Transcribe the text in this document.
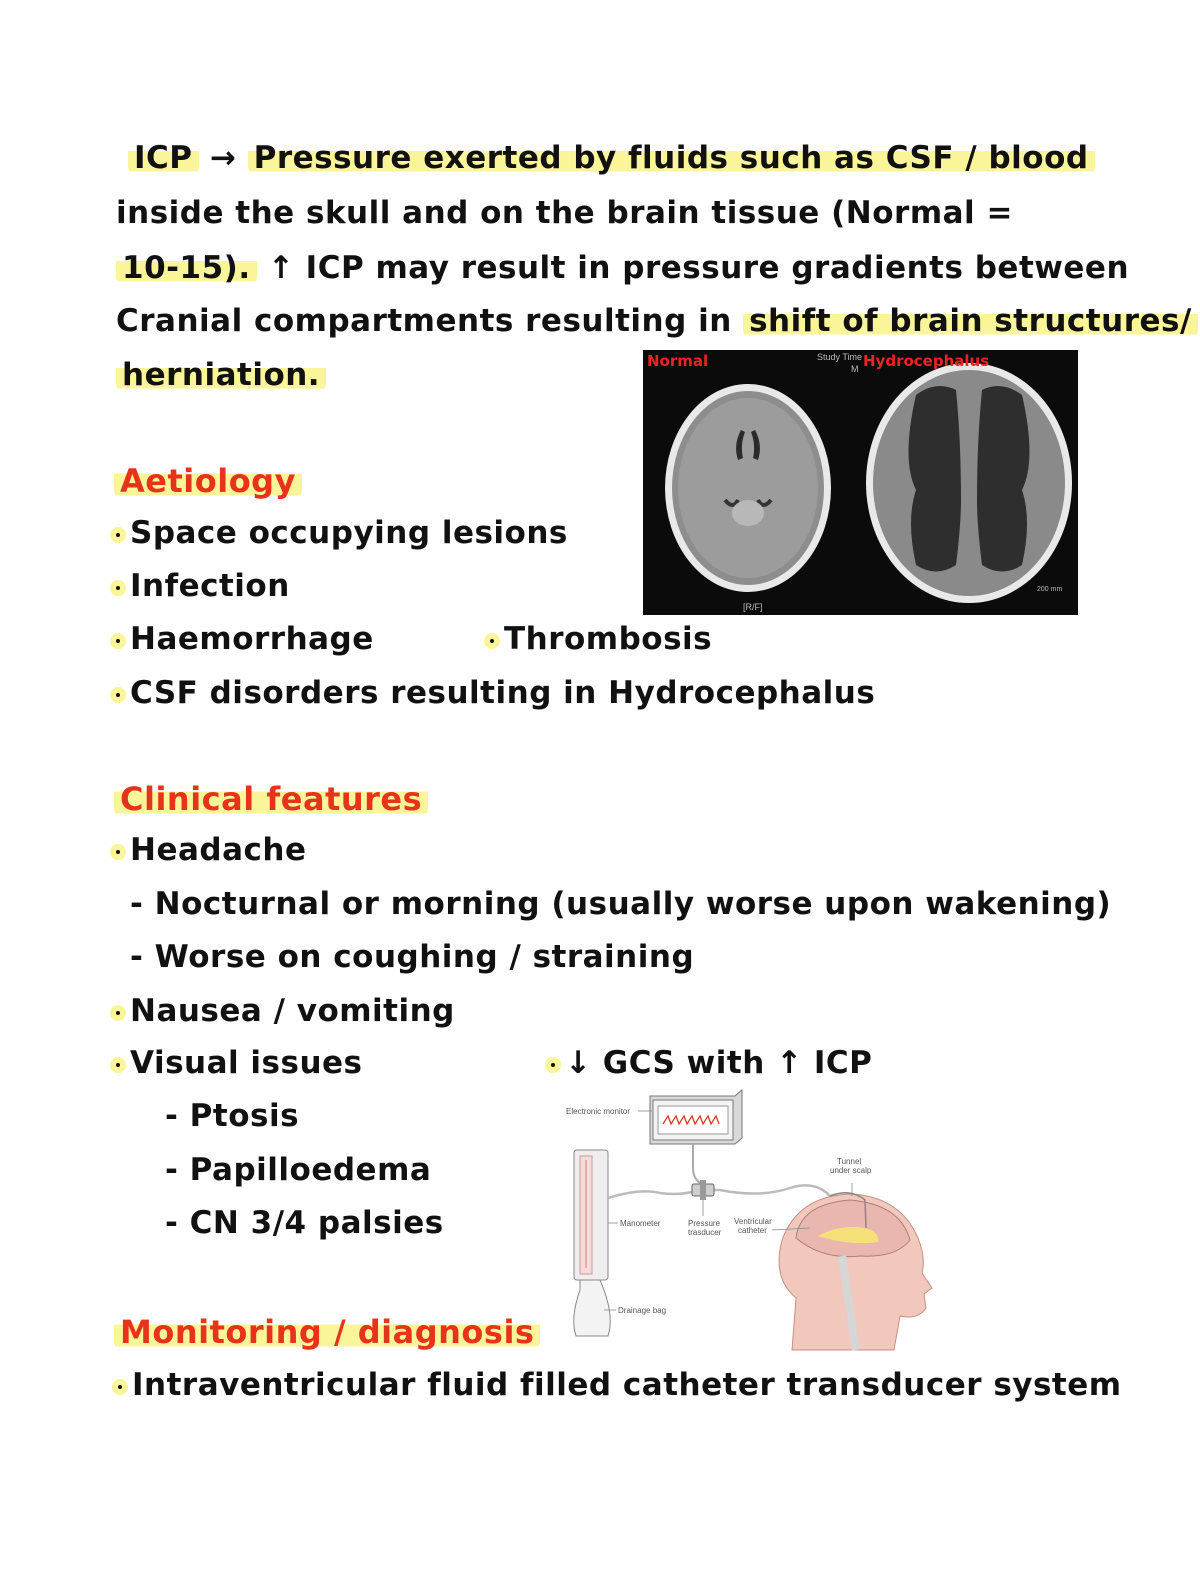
ICP → Pressure exerted by fluids such as CSF / blood
inside the skull and on the brain tissue (Normal =
10-15). ↑ ICP may result in pressure gradients between
Cranial compartments resulting in shift of brain structures/
herniation.	Normal
[R/F]
Study Time
M Hydrocephalus
200 mm
Aetiology
Space occupying lesions
Infection
Haemorrhage	Thrombosis
CSF disorders resulting in Hydrocephalus
Clinical features
Headache
- Nocturnal or morning (usually worse upon wakening)
- Worse on coughing / straining
Nausea / vomiting
Visual issues	↓ GCS with ↑ ICP
- Ptosis
- Papilloedema
- CN 3/4 palsies
Electronic monitor
Manometer	Pressure
trasducer
Drainage bag
Tunnel
under scalp
Ventricular
catheter
Monitoring / diagnosis
Intraventricular fluid filled catheter transducer system
